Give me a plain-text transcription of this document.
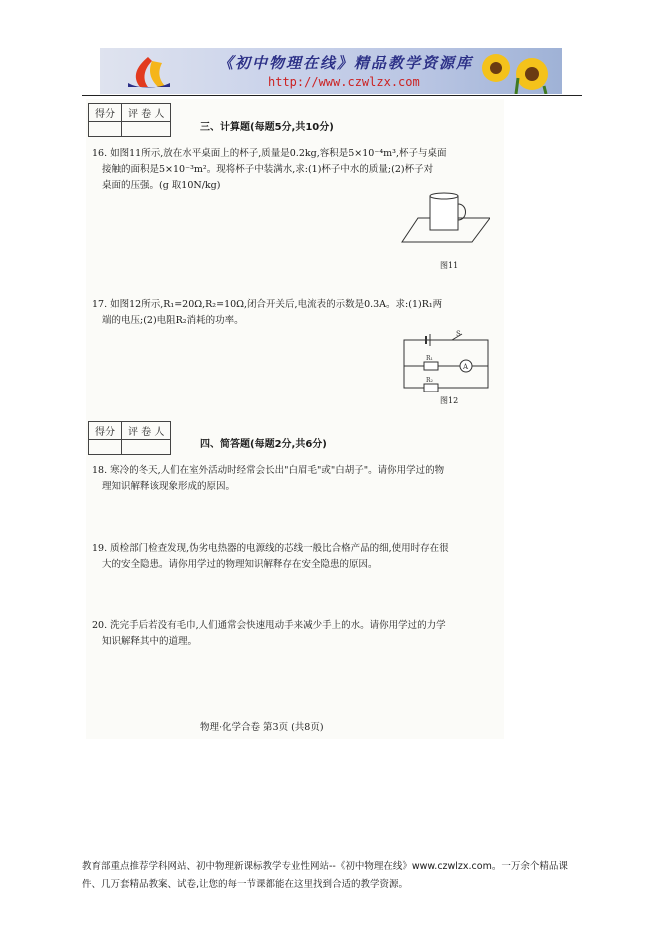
《初中物理在线》精品教学资源库
http://www.czwlzx.com
得分	评 卷 人

三、计算题(每题5分,共10分)
16. 如图11所示,放在水平桌面上的杯子,质量是0.2kg,容积是5×10⁻⁴m³,杯子与桌面
接触的面积是5×10⁻³m²。现将杯子中装满水,求:(1)杯子中水的质量;(2)杯子对
桌面的压强。(g 取10N/kg)
图11
17. 如图12所示,R₁=20Ω,R₂=10Ω,闭合开关后,电流表的示数是0.3A。求:(1)R₁两
端的电压;(2)电阻R₂消耗的功率。
S
R₁
R₂
A
图12
得分	评 卷 人

四、简答题(每题2分,共6分)
18. 寒冷的冬天,人们在室外活动时经常会长出"白眉毛"或"白胡子"。请你用学过的物
理知识解释该现象形成的原因。
19. 质检部门检查发现,伪劣电热器的电源线的芯线一般比合格产品的细,使用时存在很
大的安全隐患。请你用学过的物理知识解释存在安全隐患的原因。
20. 洗完手后若没有毛巾,人们通常会快速甩动手来减少手上的水。请你用学过的力学
知识解释其中的道理。
物理·化学合卷 第3页 (共8页)
教育部重点推荐学科网站、初中物理新课标教学专业性网站--《初中物理在线》www.czwlzx.com。一万余个精品课
件、几万套精品教案、试卷,让您的每一节课都能在这里找到合适的教学资源。
